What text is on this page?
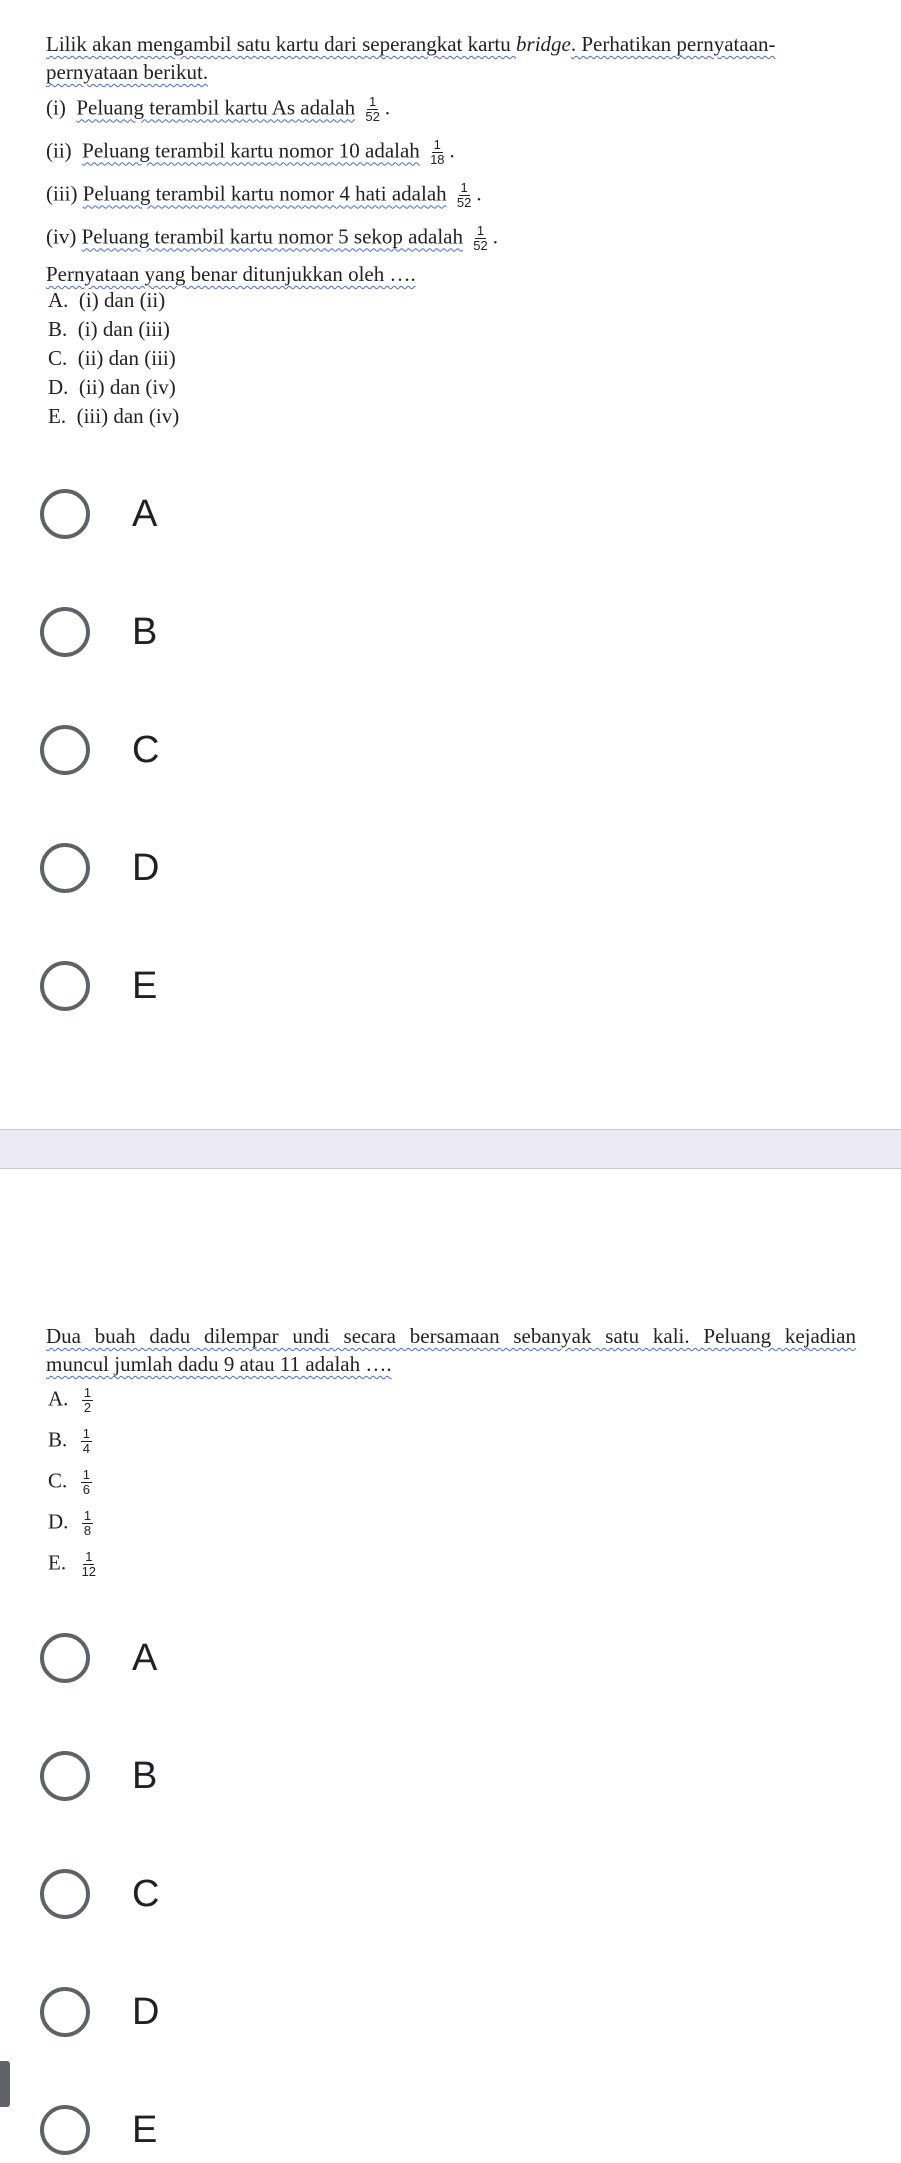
Lilik akan mengambil satu kartu dari seperangkat kartu bridge. Perhatikan pernyataan-
pernyataan berikut.
(i) Peluang terambil kartu As adalah $\frac{1}{52}$ .
(ii) Peluang terambil kartu nomor 10 adalah $\frac{1}{18}$ .
(iii) Peluang terambil kartu nomor 4 hati adalah $\frac{1}{52}$ .
(iv) Peluang terambil kartu nomor 5 sekop adalah $\frac{1}{52}$ .
Pernyataan yang benar ditunjukkan oleh ….
A. (i) dan (ii)
B. (i) dan (iii)
C. (ii) dan (iii)
D. (ii) dan (iv)
E. (iii) dan (iv)
A
B
C
D
E
Dua buah dadu dilempar undi secara bersamaan sebanyak satu kali. Peluang kejadian
muncul jumlah dadu 9 atau 11 adalah ….
A. $\frac{1}{2}$
B. $\frac{1}{4}$
C. $\frac{1}{6}$
D. $\frac{1}{8}$
E. $\frac{1}{12}$
A
B
C
D
E
